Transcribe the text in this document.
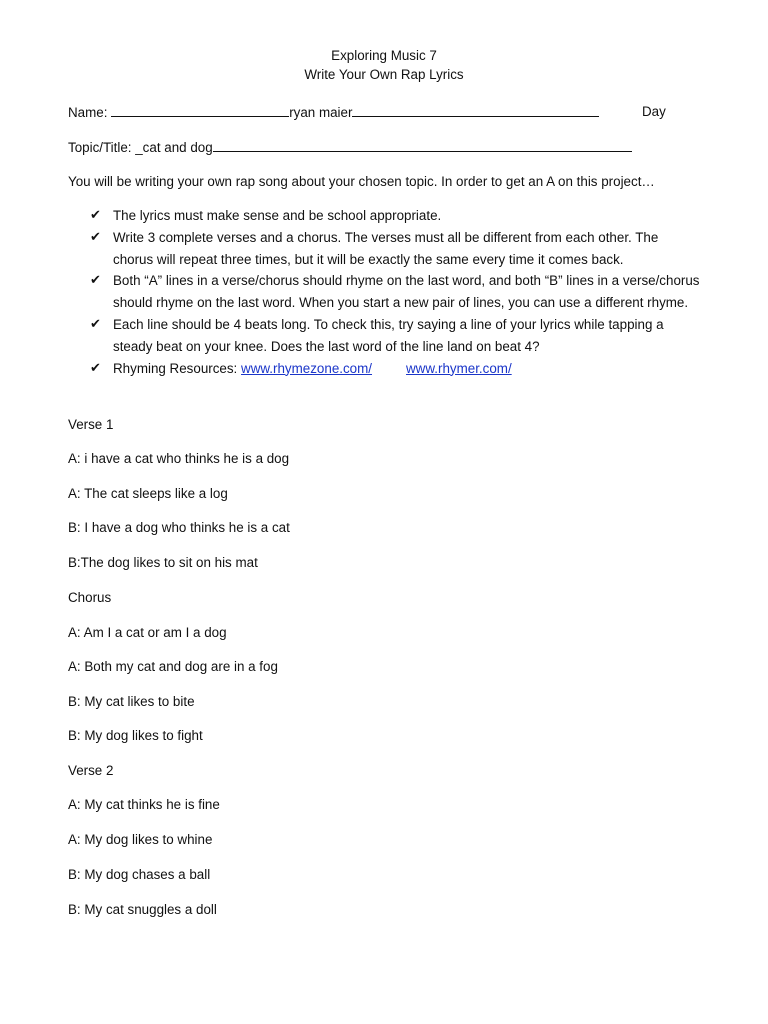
Exploring Music 7
Write Your Own Rap Lyrics
Name:	ryan maier	Day
Topic/Title: _cat and dog
You will be writing your own rap song about your chosen topic. In order to get an A on this project…
✔ The lyrics must make sense and be school appropriate.
✔ Write 3 complete verses and a chorus. The verses must all be different from each other. The chorus will repeat three times, but it will be exactly the same every time it comes back.
✔ Both “A” lines in a verse/chorus should rhyme on the last word, and both “B” lines in a verse/chorus should rhyme on the last word. When you start a new pair of lines, you can use a different rhyme.
✔ Each line should be 4 beats long. To check this, try saying a line of your lyrics while tapping a steady beat on your knee. Does the last word of the line land on beat 4?
✔ Rhyming Resources: www.rhymezone.com/	www.rhymer.com/
Verse 1
A: i have a cat who thinks he is a dog
A: The cat sleeps like a log
B: I have a dog who thinks he is a cat
B:The dog likes to sit on his mat
Chorus
A: Am I a cat or am I a dog
A: Both my cat and dog are in a fog
B: My cat likes to bite
B: My dog likes to fight
Verse 2
A: My cat thinks he is fine
A: My dog likes to whine
B: My dog chases a ball
B: My cat snuggles a doll
